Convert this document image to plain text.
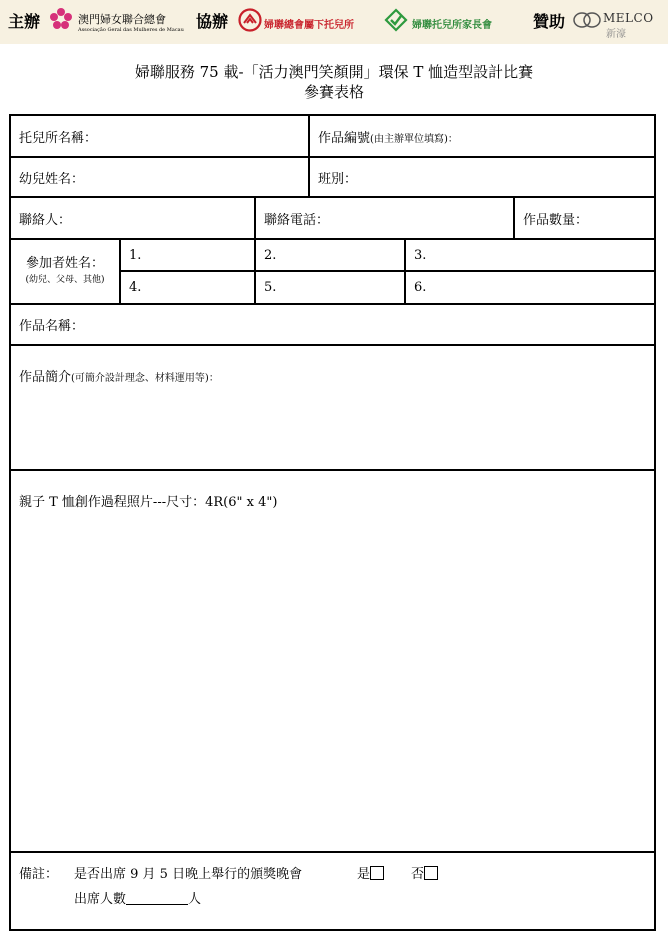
主辦	澳門婦女聯合總會
Associação Geral das Mulheres de Macau 協辦	婦聯總會屬下托兒所	婦聯托兒所家長會	贊助	MELCO
新濠
婦聯服務 75 載-「活力澳門笑顏開」環保 T 恤造型設計比賽
參賽表格
托兒所名稱：			作品編號(由主辦單位填寫)：		
幼兒姓名：			班別：		
聯絡人：		聯絡電話：			作品數量：

參加者姓名：
(幼兒、父母、其他)	1.	2.		3.	
	4.	5.		6.	
作品名稱：					
作品簡介(可簡介設計理念、材料運用等)：					
親子 T 恤創作過程照片---尺寸：4R(6" x 4")					

備註： 是否出席 9 月 5 日晚上舉行的頒獎晚會 是 否
出席人數 人					
